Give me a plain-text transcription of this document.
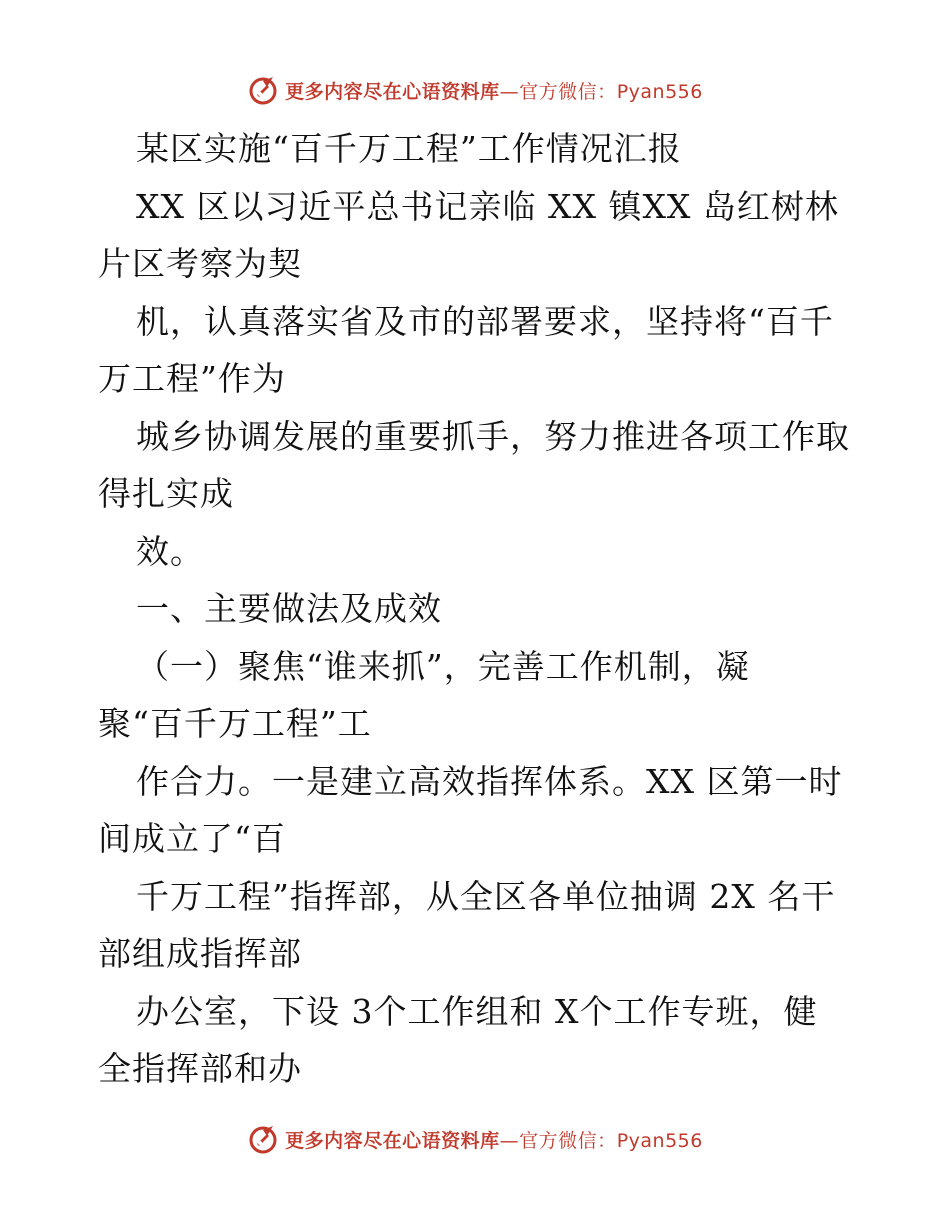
更多内容尽在心语资料库—官方微信：Pyan556
某区实施“百千万工程”工作情况汇报
XX 区以习近平总书记亲临 XX 镇XX 岛红树林
片区考察为契
机，认真落实省及市的部署要求，坚持将“百千
万工程”作为
城乡协调发展的重要抓手，努力推进各项工作取
得扎实成
效。
一、主要做法及成效
（一）聚焦“谁来抓”，完善工作机制，凝
聚“百千万工程”工
作合力。一是建立高效指挥体系。XX 区第一时
间成立了“百
千万工程”指挥部，从全区各单位抽调 2X 名干
部组成指挥部
办公室，下设 3个工作组和 X个工作专班，健
全指挥部和办
更多内容尽在心语资料库—官方微信：Pyan556
